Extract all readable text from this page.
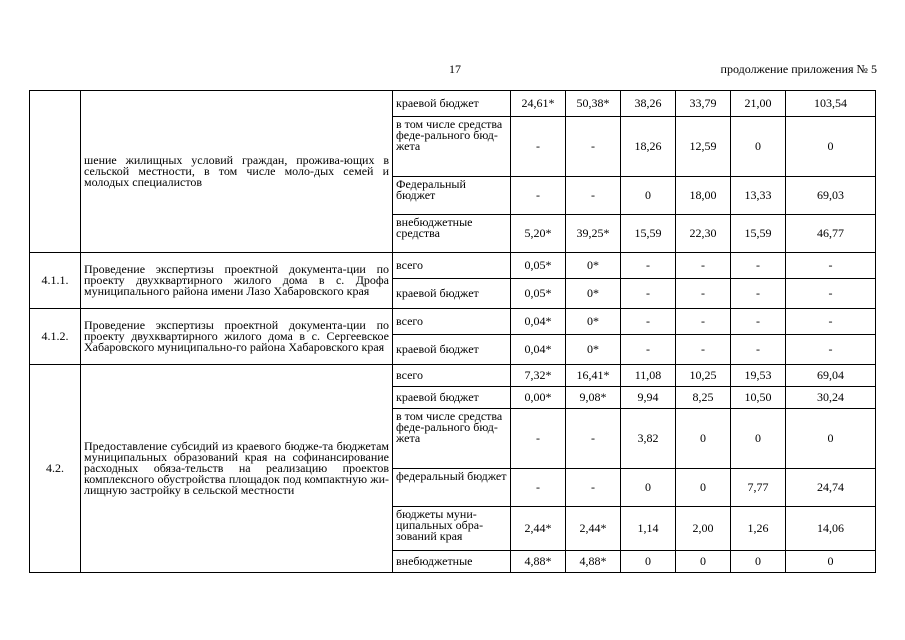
17	продолжение приложения № 5
	шение жилищных условий граждан, прожива-ющих в сельской местности, в том числе моло-дых семей и молодых специалистов	краевой бюджет	24,61*	50,38*	38,26	33,79	21,00	103,54
		в том числе средства феде-рального бюд-жета	-	-	18,26	12,59	0	0
		Федеральный бюджет	-	-	0	18,00	13,33	69,03
		внебюджетные средства	5,20*	39,25*	15,59	22,30	15,59	46,77
4.1.1.	Проведение экспертизы проектной документа-ции по проекту двухквартирного жилого дома в с. Дрофа муниципального района имени Лазо Хабаровского края	всего	0,05*	0*	-	-	-	-
		краевой бюджет	0,05*	0*	-	-	-	-
4.1.2.	Проведение экспертизы проектной документа-ции по проекту двухквартирного жилого дома в с. Сергеевское Хабаровского муниципально-го района Хабаровского края	всего	0,04*	0*	-	-	-	-
		краевой бюджет	0,04*	0*	-	-	-	-
4.2.	Предоставление субсидий из краевого бюдже-та бюджетам муниципальных образований края на софинансирование расходных обяза-тельств на реализацию проектов комплексного обустройства площадок под компактную жи-лищную застройку в сельской местности	всего	7,32*	16,41*	11,08	10,25	19,53	69,04
		краевой бюджет	0,00*	9,08*	9,94	8,25	10,50	30,24
		в том числе средства феде-рального бюд-жета	-	-	3,82	0	0	0
		федеральный бюджет	-	-	0	0	7,77	24,74
		бюджеты муни-ципальных обра-зований края	2,44*	2,44*	1,14	2,00	1,26	14,06
		внебюджетные	4,88*	4,88*	0	0	0	0
